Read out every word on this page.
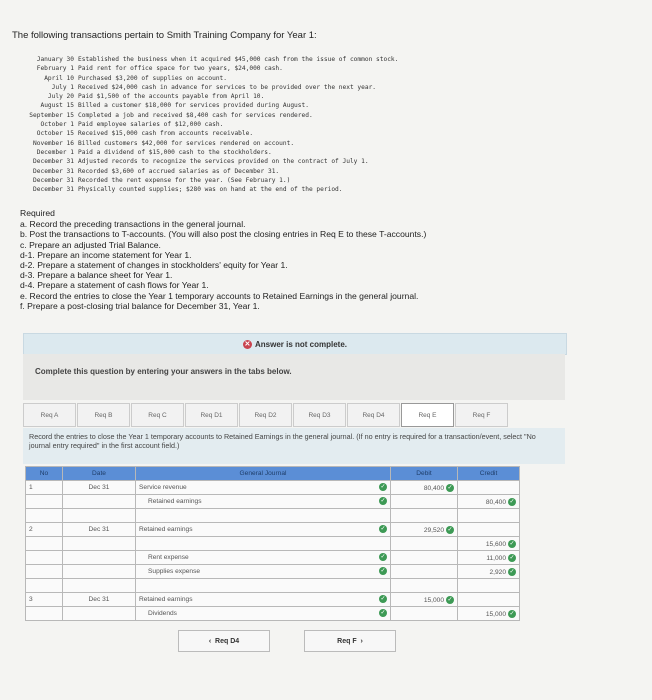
The following transactions pertain to Smith Training Company for Year 1:
January 30 Established the business when it acquired $45,000 cash from the issue of common stock.
February 1 Paid rent for office space for two years, $24,000 cash.
April 10 Purchased $3,200 of supplies on account.
July 1 Received $24,000 cash in advance for services to be provided over the next year.
July 20 Paid $1,500 of the accounts payable from April 10.
August 15 Billed a customer $18,000 for services provided during August.
September 15 Completed a job and received $8,400 cash for services rendered.
October 1 Paid employee salaries of $12,000 cash.
October 15 Received $15,000 cash from accounts receivable.
November 16 Billed customers $42,000 for services rendered on account.
December 1 Paid a dividend of $15,000 cash to the stockholders.
December 31 Adjusted records to recognize the services provided on the contract of July 1.
December 31 Recorded $3,600 of accrued salaries as of December 31.
December 31 Recorded the rent expense for the year. (See February 1.)
December 31 Physically counted supplies; $280 was on hand at the end of the period.
Required
a. Record the preceding transactions in the general journal.
b. Post the transactions to T-accounts. (You will also post the closing entries in Req E to these T-accounts.)
c. Prepare an adjusted Trial Balance.
d-1. Prepare an income statement for Year 1.
d-2. Prepare a statement of changes in stockholders' equity for Year 1.
d-3. Prepare a balance sheet for Year 1.
d-4. Prepare a statement of cash flows for Year 1.
e. Record the entries to close the Year 1 temporary accounts to Retained Earnings in the general journal.
f. Prepare a post-closing trial balance for December 31, Year 1.
✕ Answer is not complete.
Complete this question by entering your answers in the tabs below.
Req A	Req B	Req C	Req D1	Req D2	Req D3	Req D4	Req E	Req F
Record the entries to close the Year 1 temporary accounts to Retained Earnings in the general journal. (If no entry is required for a transaction/event, select "No journal entry required" in the first account field.)
No	Date	General Journal	Debit	Credit
1	Dec 31	Service revenue ✓	80,400 ✓	
		Retained earnings ✓		80,400 ✓

2	Dec 31	Retained earnings ✓	29,520 ✓	
				15,600 ✓
		Rent expense ✓		11,000 ✓
		Supplies expense ✓		2,920 ✓

3	Dec 31	Retained earnings ✓	15,000 ✓	
		Dividends ✓		15,000 ✓
‹ Req D4	Req F ›
